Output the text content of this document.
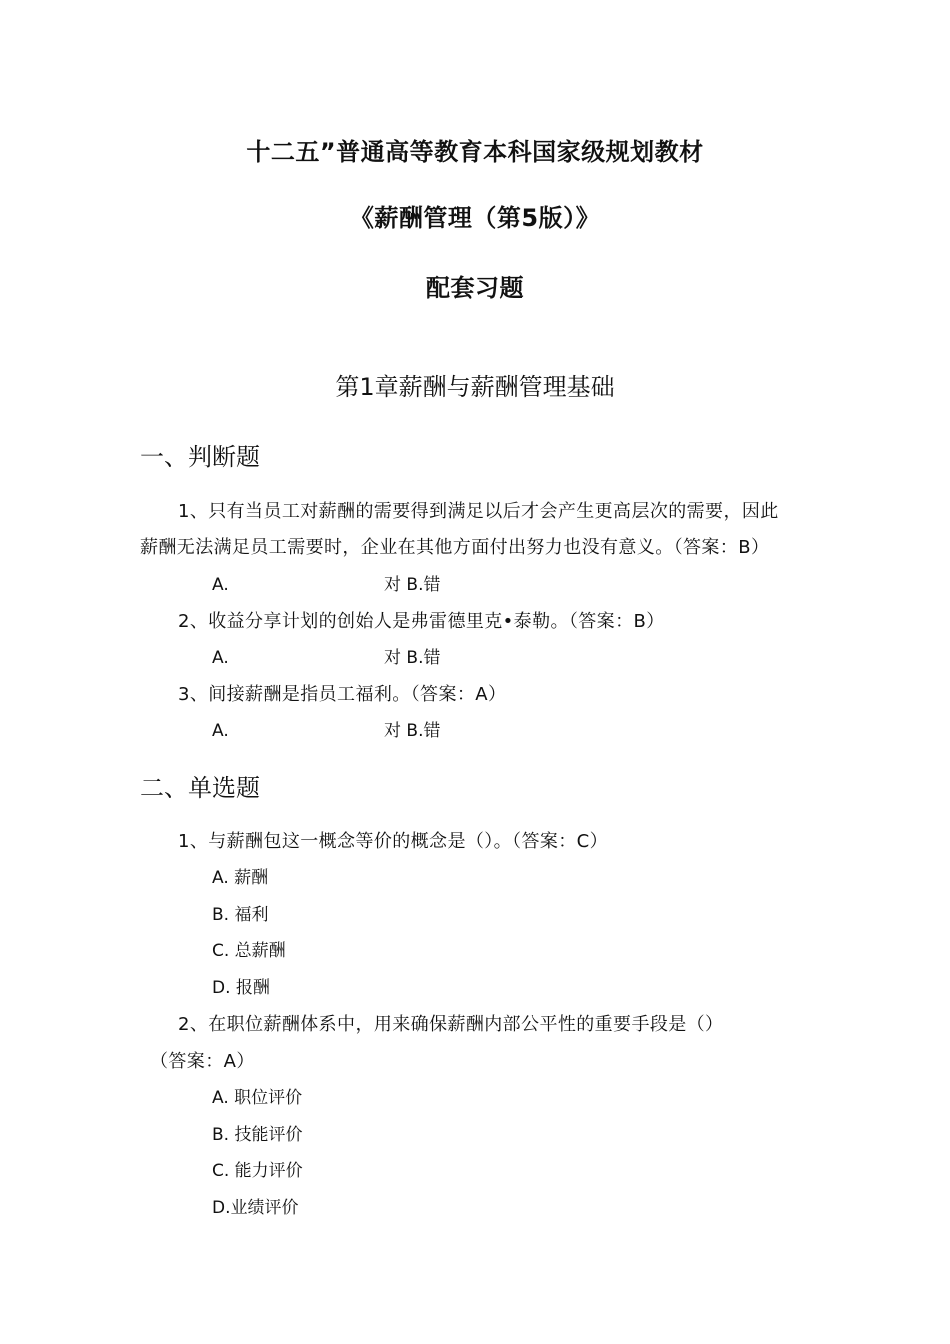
十二五”普通高等教育本科国家级规划教材
《薪酬管理（第5版）》
配套习题
第1章薪酬与薪酬管理基础
一、判断题
1、只有当员工对薪酬的需要得到满足以后才会产生更高层次的需要，因此
薪酬无法满足员工需要时，企业在其他方面付出努力也没有意义。（答案：B）
A.	对 B.错
2、收益分享计划的创始人是弗雷德里克•泰勒。（答案：B）
A.	对 B.错
3、间接薪酬是指员工福利。（答案：A）
A.	对 B.错
二、单选题
1、与薪酬包这一概念等价的概念是（）。（答案：C）
A. 薪酬
B. 福利
C. 总薪酬
D. 报酬
2、在职位薪酬体系中，用来确保薪酬内部公平性的重要手段是（）
（答案：A）
A. 职位评价
B. 技能评价
C. 能力评价
D.业绩评价
